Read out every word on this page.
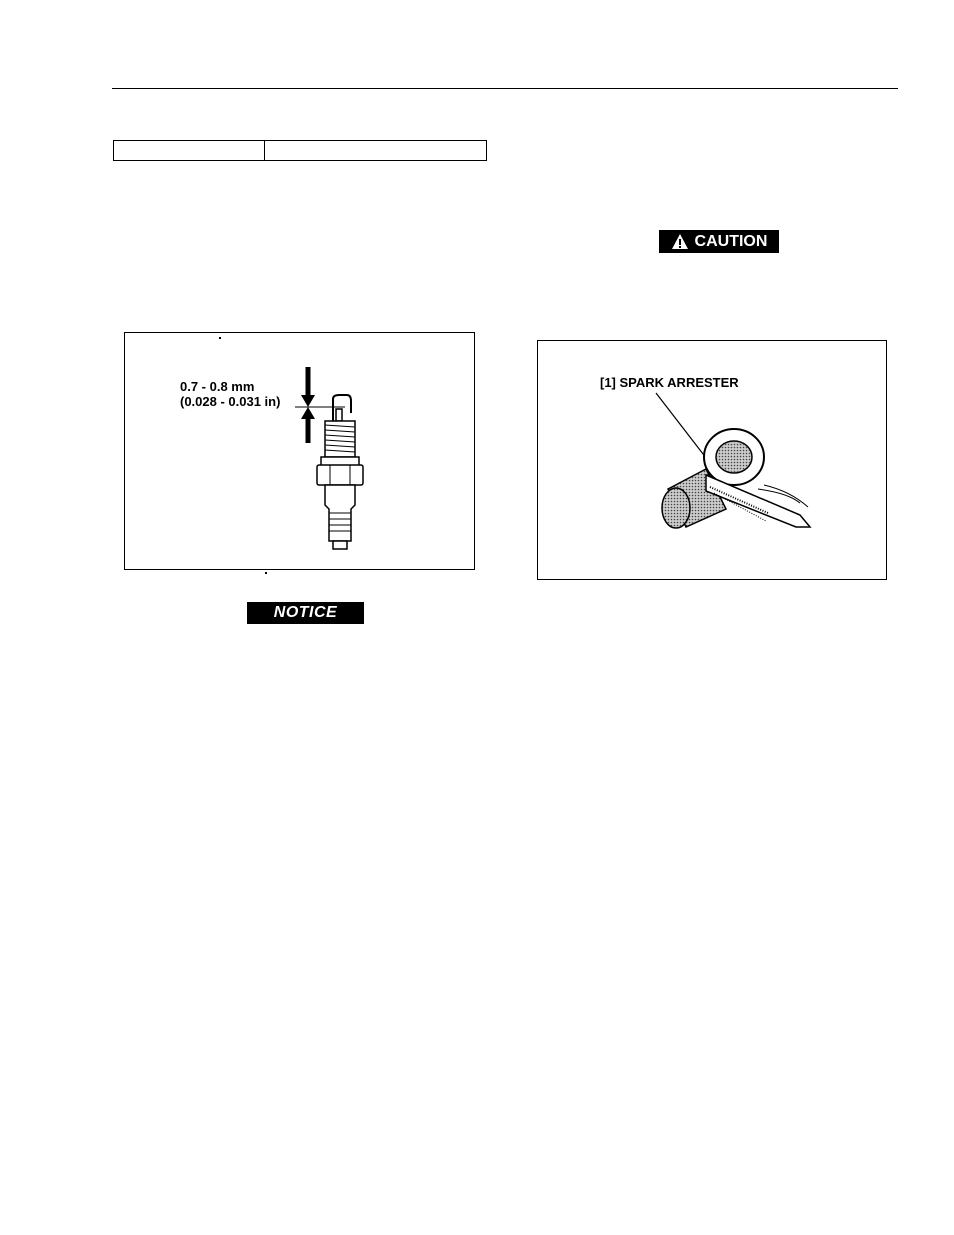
CAUTION
NOTICE
0.7 - 0.8 mm
(0.028 - 0.031 in)
[1] SPARK ARRESTER
